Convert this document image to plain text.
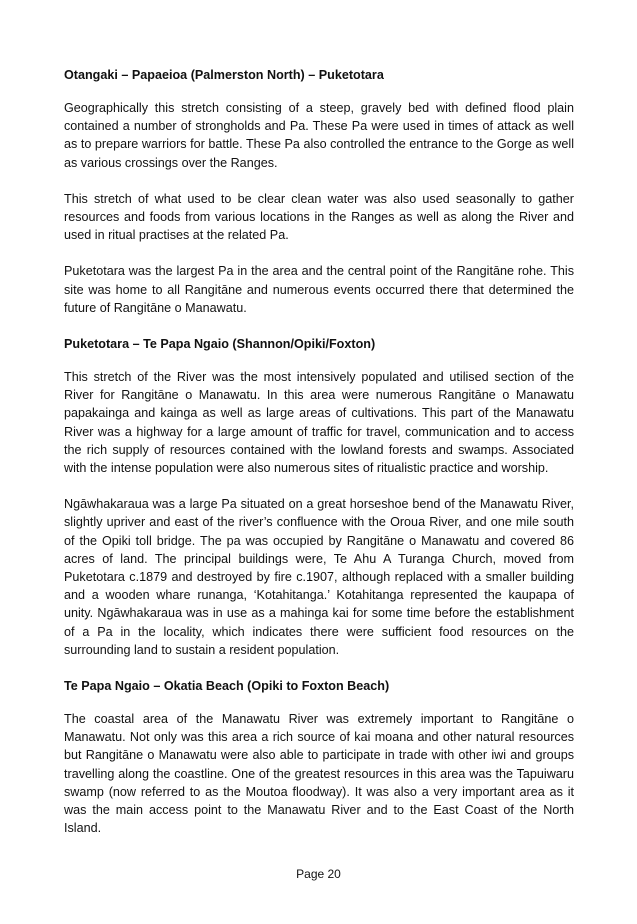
Otangaki – Papaeioa (Palmerston North) – Puketotara

Geographically this stretch consisting of a steep, gravely bed with defined flood plain contained a number of strongholds and Pa. These Pa were used in times of attack as well as to prepare warriors for battle. These Pa also controlled the entrance to the Gorge as well as various crossings over the Ranges.

This stretch of what used to be clear clean water was also used seasonally to gather resources and foods from various locations in the Ranges as well as along the River and used in ritual practises at the related Pa.

Puketotara was the largest Pa in the area and the central point of the Rangitāne rohe. This site was home to all Rangitāne and numerous events occurred there that determined the future of Rangitāne o Manawatu.

Puketotara – Te Papa Ngaio (Shannon/Opiki/Foxton)

This stretch of the River was the most intensively populated and utilised section of the River for Rangitāne o Manawatu. In this area were numerous Rangitāne o Manawatu papakainga and kainga as well as large areas of cultivations. This part of the Manawatu River was a highway for a large amount of traffic for travel, communication and to access the rich supply of resources contained with the lowland forests and swamps. Associated with the intense population were also numerous sites of ritualistic practice and worship.

Ngāwhakaraua was a large Pa situated on a great horseshoe bend of the Manawatu River, slightly upriver and east of the river’s confluence with the Oroua River, and one mile south of the Opiki toll bridge. The pa was occupied by Rangitāne o Manawatu and covered 86 acres of land. The principal buildings were, Te Ahu A Turanga Church, moved from Puketotara c.1879 and destroyed by fire c.1907, although replaced with a smaller building and a wooden whare runanga, ‘Kotahitanga.’ Kotahitanga represented the kaupapa of unity. Ngāwhakaraua was in use as a mahinga kai for some time before the establishment of a Pa in the locality, which indicates there were sufficient food resources on the surrounding land to sustain a resident population.

Te Papa Ngaio – Okatia Beach (Opiki to Foxton Beach)

The coastal area of the Manawatu River was extremely important to Rangitāne o Manawatu. Not only was this area a rich source of kai moana and other natural resources but Rangitāne o Manawatu were also able to participate in trade with other iwi and groups travelling along the coastline. One of the greatest resources in this area was the Tapuiwaru swamp (now referred to as the Moutoa floodway). It was also a very important area as it was the main access point to the Manawatu River and to the East Coast of the North Island.

Page 20
